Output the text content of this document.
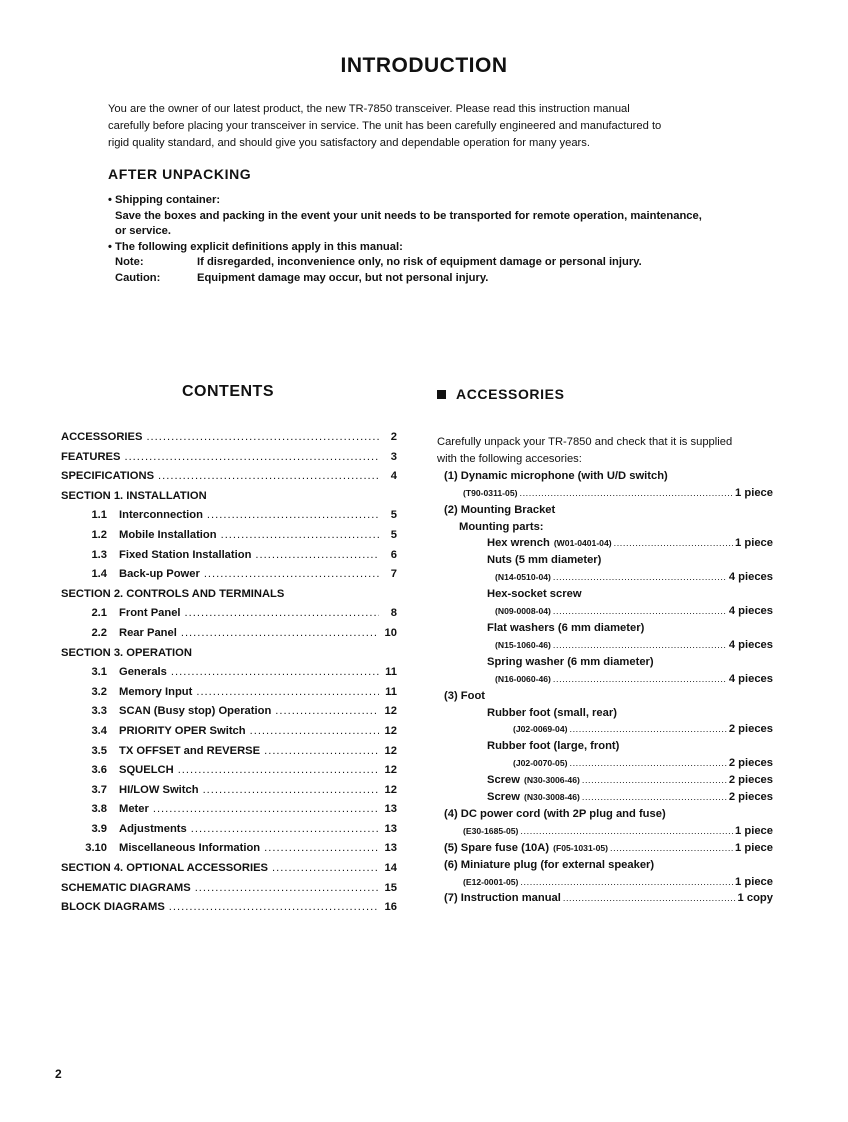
INTRODUCTION

You are the owner of our latest product, the new TR-7850 transceiver. Please read this instruction manual

carefully before placing your transceiver in service. The unit has been carefully engineered and manufactured to

rigid quality standard, and should give you satisfactory and dependable operation for many years.

AFTER UNPACKING
• Shipping container:
Save the boxes and packing in the event your unit needs to be transported for remote operation, maintenance,
or service.
• The following explicit definitions apply in this manual:
Note:	If disregarded, inconvenience only, no risk of equipment damage or personal injury.
Caution:	Equipment damage may occur, but not personal injury.
CONTENTS	ACCESSORIES
ACCESSORIES .....	2
FEATURES .....	3
SPECIFICATIONS .....	4
SECTION 1. INSTALLATION
1.1	Interconnection .....	5
1.2	Mobile Installation .....	5
1.3	Fixed Station Installation .....	6
1.4	Back-up Power .....	7
SECTION 2. CONTROLS AND TERMINALS
2.1	Front Panel .....	8
2.2	Rear Panel .....	10
SECTION 3. OPERATION
3.1	Generals .....	11
3.2	Memory Input .....	11
3.3	SCAN (Busy stop) Operation .....	12
3.4	PRIORITY OPER Switch .....	12
3.5	TX OFFSET and REVERSE .....	12
3.6	SQUELCH .....	12
3.7	HI/LOW Switch .....	12
3.8	Meter .....	13
3.9	Adjustments .....	13
3.10	Miscellaneous Information .....	13
SECTION 4. OPTIONAL ACCESSORIES .....	14
SCHEMATIC DIAGRAMS .....	15
BLOCK DIAGRAMS .....	16
Carefully unpack your TR-7850 and check that it is supplied
with the following accesories:
(1) Dynamic microphone (with U/D switch)
(T90-0311-05) .....	1 piece
(2) Mounting Bracket
Mounting parts:
Hex wrench (W01-0401-04) .....	1 piece
Nuts (5 mm diameter)
(N14-0510-04) .....	4 pieces
Hex-socket screw
(N09-0008-04) .....	4 pieces
Flat washers (6 mm diameter)
(N15-1060-46) .....	4 pieces
Spring washer (6 mm diameter)
(N16-0060-46) .....	4 pieces
(3) Foot
Rubber foot (small, rear)
(J02-0069-04) .....	2 pieces
Rubber foot (large, front)
(J02-0070-05) .....	2 pieces
Screw (N30-3006-46) .....	2 pieces
Screw (N30-3008-46) .....	2 pieces
(4) DC power cord (with 2P plug and fuse)
(E30-1685-05) .....	1 piece
(5) Spare fuse (10A) (F05-1031-05) .....	1 piece
(6) Miniature plug (for external speaker)
(E12-0001-05) .....	1 piece
(7) Instruction manual .....	1 copy
2
